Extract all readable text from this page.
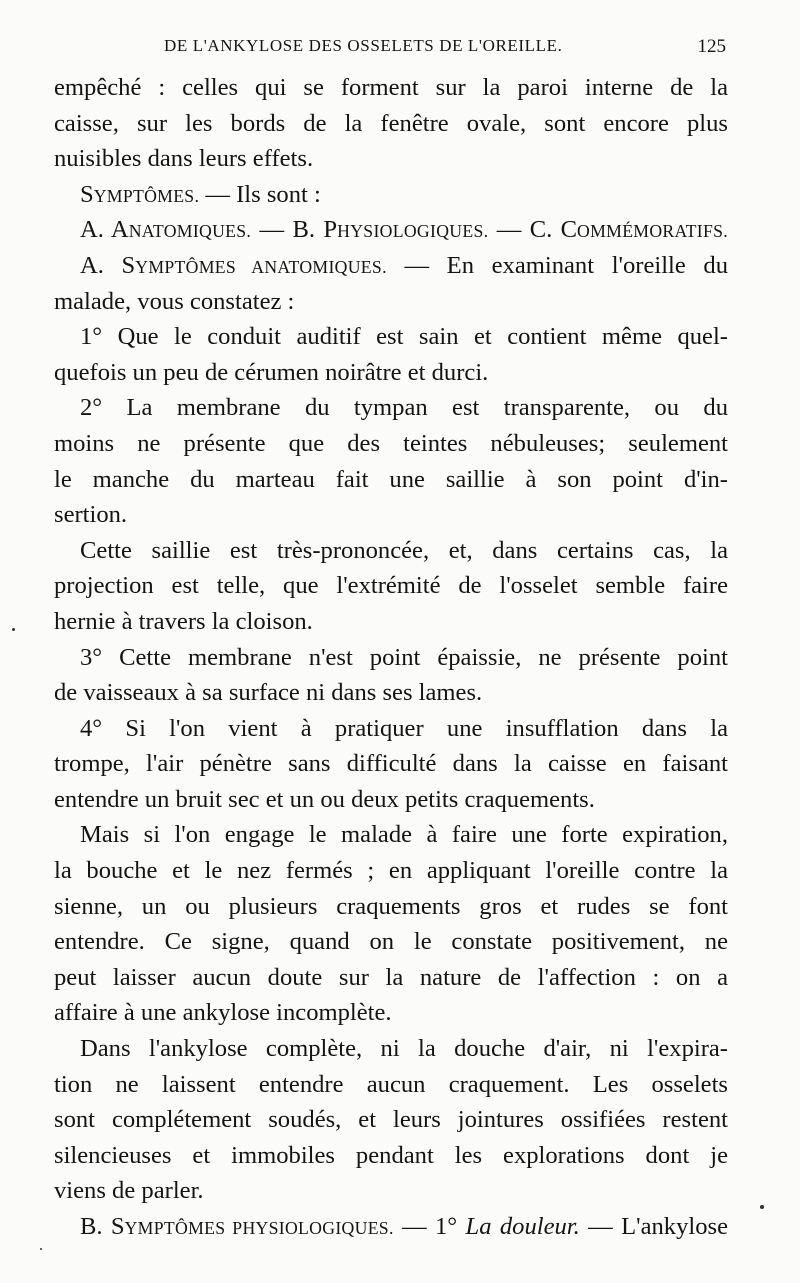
DE L'ANKYLOSE DES OSSELETS DE L'OREILLE.	125
empêché : celles qui se forment sur la paroi interne de la
caisse, sur les bords de la fenêtre ovale, sont encore plus
nuisibles dans leurs effets.
SYMPTÔMES. — Ils sont :
A. ANATOMIQUES. — B. PHYSIOLOGIQUES. — C. COMMÉMORATIFS.
A. SYMPTÔMES ANATOMIQUES. — En examinant l'oreille du
malade, vous constatez :
1° Que le conduit auditif est sain et contient même quel-
quefois un peu de cérumen noirâtre et durci.
2° La membrane du tympan est transparente, ou du
moins ne présente que des teintes nébuleuses; seulement
le manche du marteau fait une saillie à son point d'in-
sertion.
Cette saillie est très-prononcée, et, dans certains cas, la
projection est telle, que l'extrémité de l'osselet semble faire
hernie à travers la cloison.
3° Cette membrane n'est point épaissie, ne présente point
de vaisseaux à sa surface ni dans ses lames.
4° Si l'on vient à pratiquer une insufflation dans la
trompe, l'air pénètre sans difficulté dans la caisse en faisant
entendre un bruit sec et un ou deux petits craquements.
Mais si l'on engage le malade à faire une forte expiration,
la bouche et le nez fermés ; en appliquant l'oreille contre la
sienne, un ou plusieurs craquements gros et rudes se font
entendre. Ce signe, quand on le constate positivement, ne
peut laisser aucun doute sur la nature de l'affection : on a
affaire à une ankylose incomplète.
Dans l'ankylose complète, ni la douche d'air, ni l'expira-
tion ne laissent entendre aucun craquement. Les osselets
sont complétement soudés, et leurs jointures ossifiées restent
silencieuses et immobiles pendant les explorations dont je
viens de parler.
B. SYMPTÔMES PHYSIOLOGIQUES. — 1° La douleur. — L'ankylose
